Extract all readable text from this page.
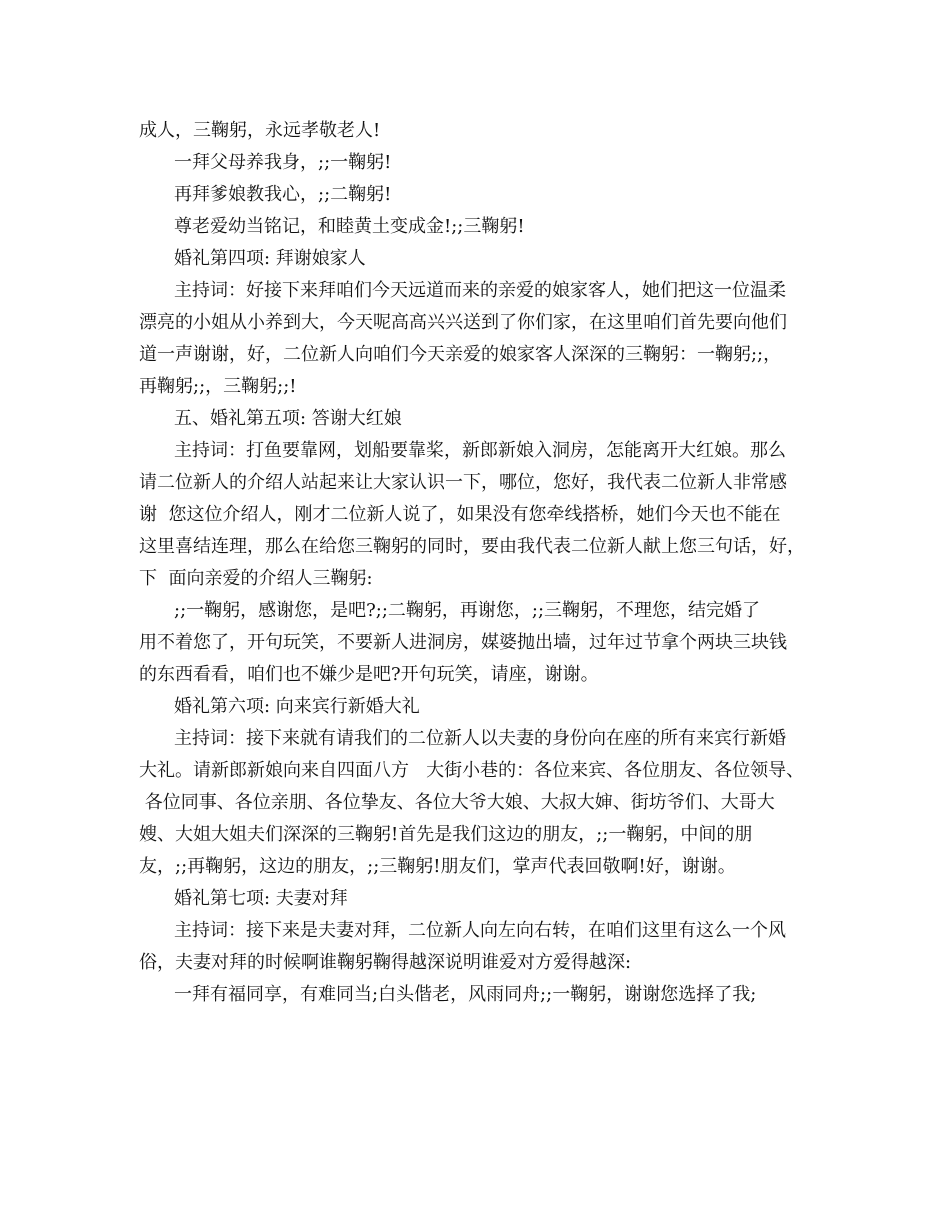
成人，三鞠躬，永远孝敬老人!
一拜父母养我身，;;一鞠躬!
再拜爹娘教我心，;;二鞠躬!
尊老爱幼当铭记，和睦黄土变成金!;;三鞠躬!
婚礼第四项: 拜谢娘家人
主持词：好接下来拜咱们今天远道而来的亲爱的娘家客人，她们把这一位温柔
漂亮的小姐从小养到大，今天呢高高兴兴送到了你们家，在这里咱们首先要向他们
道一声谢谢，好，二位新人向咱们今天亲爱的娘家客人深深的三鞠躬：一鞠躬;;，
再鞠躬;;，三鞠躬;;!
五、婚礼第五项: 答谢大红娘
主持词：打鱼要靠网，划船要靠桨，新郎新娘入洞房，怎能离开大红娘。那么
请二位新人的介绍人站起来让大家认识一下，哪位，您好，我代表二位新人非常感
谢  您这位介绍人，刚才二位新人说了，如果没有您牵线搭桥，她们今天也不能在
这里喜结连理，那么在给您三鞠躬的同时，要由我代表二位新人献上您三句话，好，
下  面向亲爱的介绍人三鞠躬:
;;一鞠躬，感谢您，是吧?;;二鞠躬，再谢您，;;三鞠躬，不理您，结完婚了
用不着您了，开句玩笑，不要新人进洞房，媒婆抛出墙，过年过节拿个两块三块钱
的东西看看，咱们也不嫌少是吧?开句玩笑，请座，谢谢。
婚礼第六项: 向来宾行新婚大礼
主持词：接下来就有请我们的二位新人以夫妻的身份向在座的所有来宾行新婚
大礼。请新郎新娘向来自四面八方   大街小巷的：各位来宾、各位朋友、各位领导、
各位同事、各位亲朋、各位挚友、各位大爷大娘、大叔大婶、街坊爷们、大哥大
嫂、大姐大姐夫们深深的三鞠躬!首先是我们这边的朋友，;;一鞠躬，中间的朋
友，;;再鞠躬，这边的朋友，;;三鞠躬!朋友们，掌声代表回敬啊!好，谢谢。
婚礼第七项: 夫妻对拜
主持词：接下来是夫妻对拜，二位新人向左向右转，在咱们这里有这么一个风
俗，夫妻对拜的时候啊谁鞠躬鞠得越深说明谁爱对方爱得越深:
一拜有福同享，有难同当;白头偕老，风雨同舟;;一鞠躬，谢谢您选择了我;
